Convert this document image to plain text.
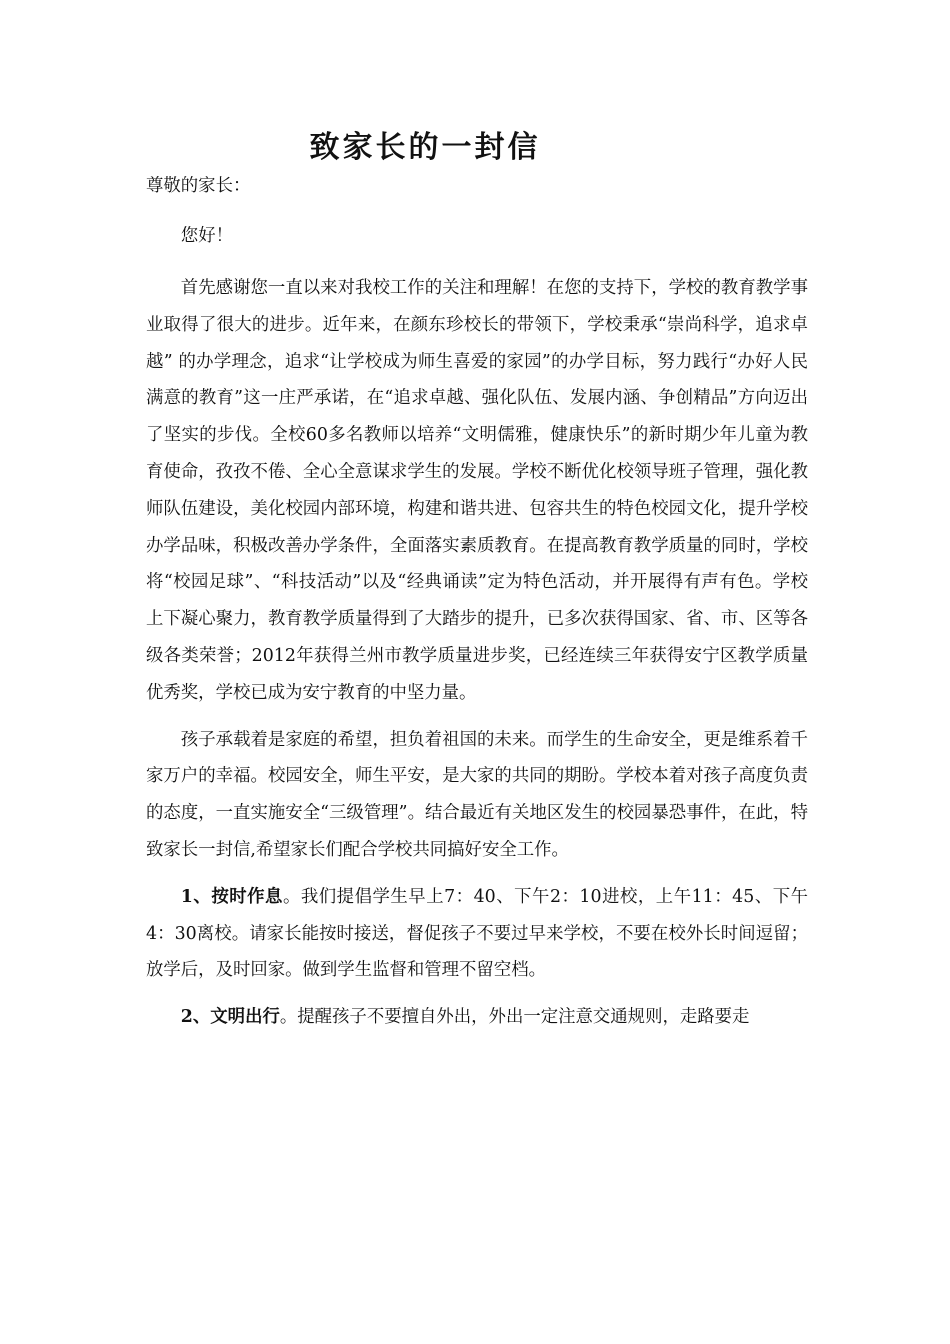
致家长的一封信

尊敬的家长：

您好！

首先感谢您一直以来对我校工作的关注和理解！在您的支持下，学校的教育教学事业取得了很大的进步。近年来，在颜东珍校长的带领下，学校秉承“崇尚科学，追求卓越” 的办学理念，追求“让学校成为师生喜爱的家园”的办学目标，努力践行“办好人民满意的教育”这一庄严承诺，在“追求卓越、强化队伍、发展内涵、争创精品”方向迈出了坚实的步伐。全校60多名教师以培养“文明儒雅，健康快乐”的新时期少年儿童为教育使命，孜孜不倦、全心全意谋求学生的发展。学校不断优化校领导班子管理，强化教师队伍建设，美化校园内部环境，构建和谐共进、包容共生的特色校园文化，提升学校办学品味，积极改善办学条件，全面落实素质教育。在提高教育教学质量的同时，学校将“校园足球”、“科技活动”以及“经典诵读”定为特色活动，并开展得有声有色。学校上下凝心聚力，教育教学质量得到了大踏步的提升，已多次获得国家、省、市、区等各级各类荣誉；2012年获得兰州市教学质量进步奖，已经连续三年获得安宁区教学质量优秀奖，学校已成为安宁教育的中坚力量。

孩子承载着是家庭的希望，担负着祖国的未来。而学生的生命安全，更是维系着千家万户的幸福。校园安全，师生平安，是大家的共同的期盼。学校本着对孩子高度负责的态度，一直实施安全“三级管理”。结合最近有关地区发生的校园暴恐事件，在此，特致家长一封信,希望家长们配合学校共同搞好安全工作。

1、按时作息。我们提倡学生早上7：40、下午2：10进校，上午11：45、下午4：30离校。请家长能按时接送，督促孩子不要过早来学校，不要在校外长时间逗留；放学后，及时回家。做到学生监督和管理不留空档。

2、文明出行。提醒孩子不要擅自外出，外出一定注意交通规则，走路要走
